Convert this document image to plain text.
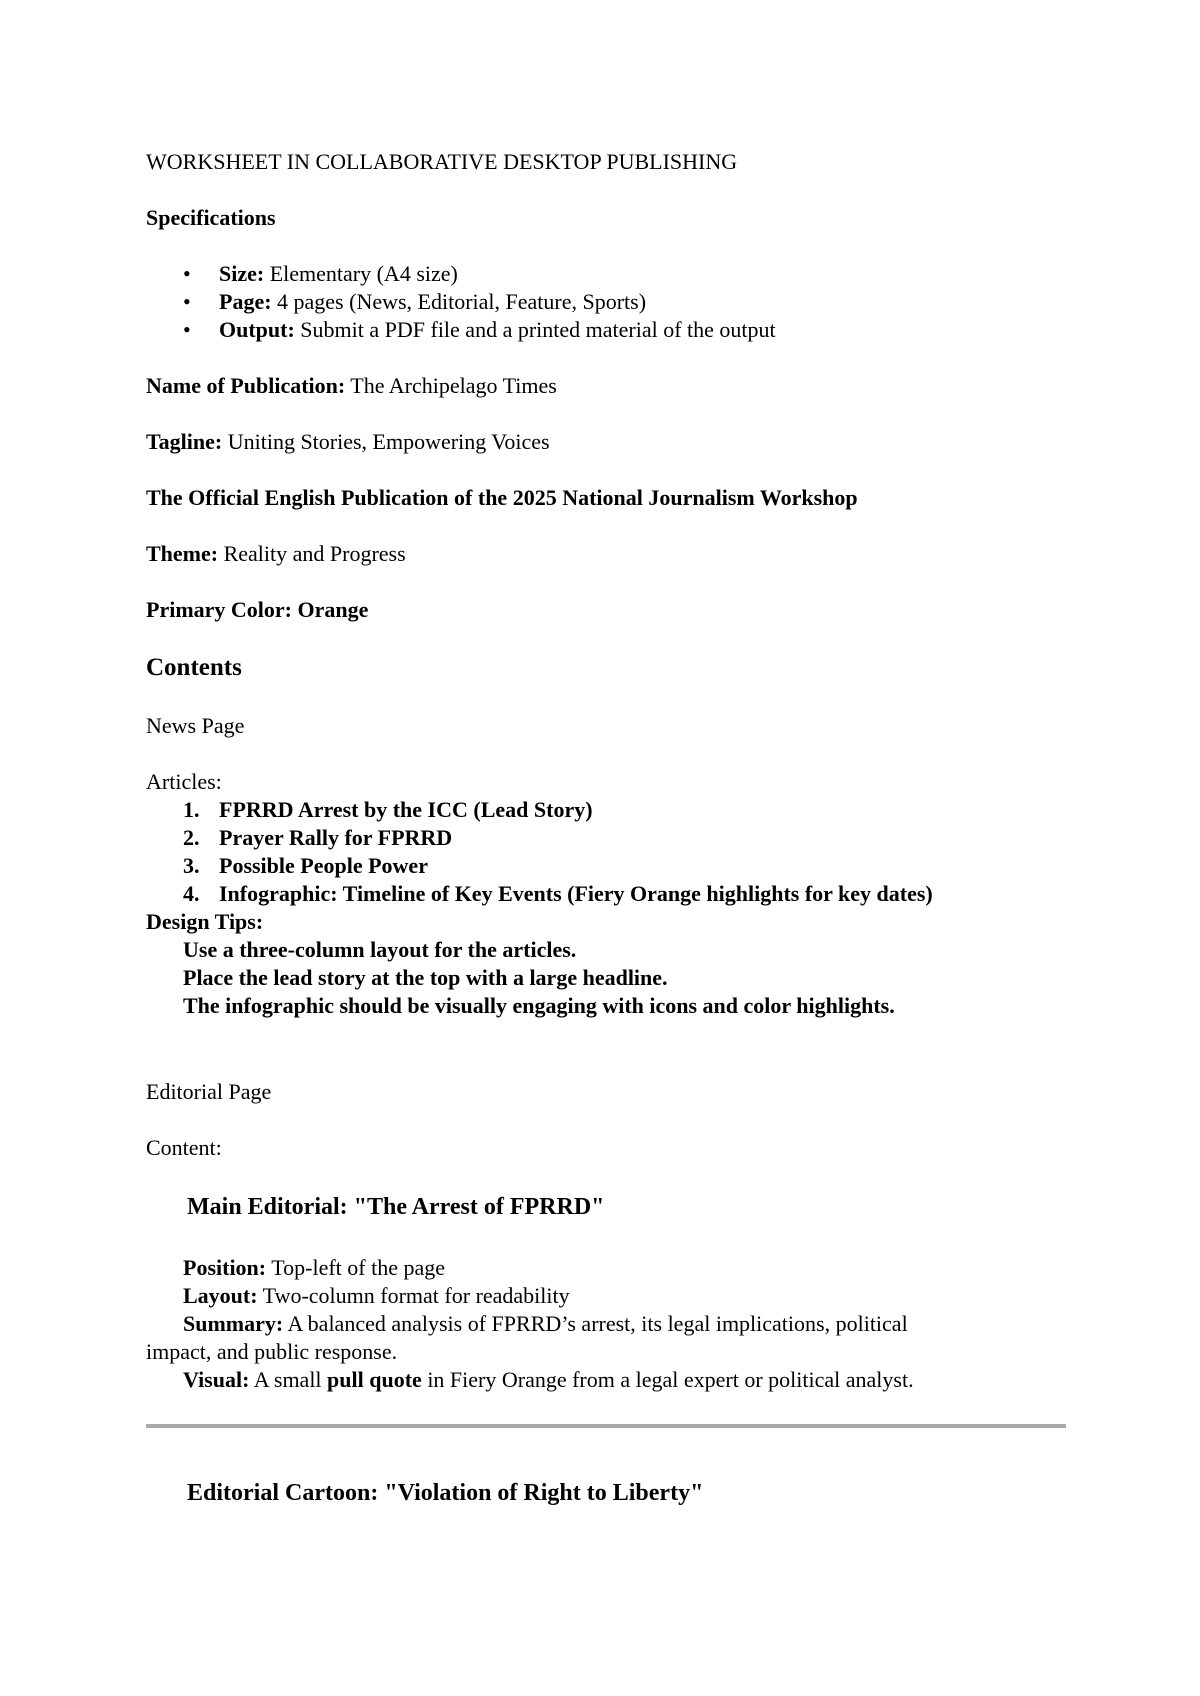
WORKSHEET IN COLLABORATIVE DESKTOP PUBLISHING
Specifications
• Size: Elementary (A4 size)
• Page: 4 pages (News, Editorial, Feature, Sports)
• Output: Submit a PDF file and a printed material of the output
Name of Publication: The Archipelago Times
Tagline: Uniting Stories, Empowering Voices
The Official English Publication of the 2025 National Journalism Workshop
Theme: Reality and Progress
Primary Color: Orange
Contents
News Page
Articles:
1. FPRRD Arrest by the ICC (Lead Story)
2. Prayer Rally for FPRRD
3. Possible People Power
4. Infographic: Timeline of Key Events (Fiery Orange highlights for key dates)
Design Tips:
Use a three-column layout for the articles.
Place the lead story at the top with a large headline.
The infographic should be visually engaging with icons and color highlights.
Editorial Page
Content:
Main Editorial: "The Arrest of FPRRD"
Position: Top-left of the page
Layout: Two-column format for readability
Summary: A balanced analysis of FPRRD’s arrest, its legal implications, political
impact, and public response.
Visual: A small pull quote in Fiery Orange from a legal expert or political analyst.
Editorial Cartoon: "Violation of Right to Liberty"
